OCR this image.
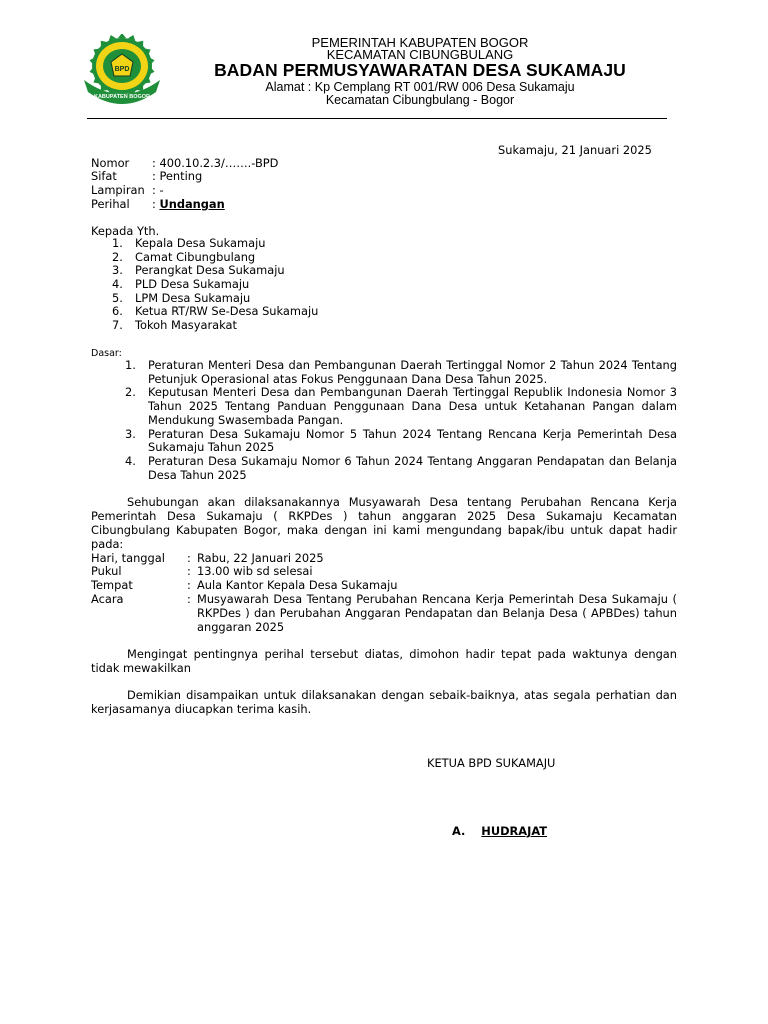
BPD
KABUPATEN BOGOR
PEMERINTAH KABUPATEN BOGOR
KECAMATAN CIBUNGBULANG
BADAN PERMUSYAWARATAN DESA SUKAMAJU
Alamat : Kp Cemplang RT 001/RW 006 Desa Sukamaju
Kecamatan Cibungbulang - Bogor
Sukamaju, 21 Januari 2025
Nomor : 400.10.2.3/…….-BPD
Sifat	: Penting
Lampiran : -
Perihal : Undangan
Kepada Yth.
1. Kepala Desa Sukamaju
2. Camat Cibungbulang
3. Perangkat Desa Sukamaju
4. PLD Desa Sukamaju
5. LPM Desa Sukamaju
6. Ketua RT/RW Se-Desa Sukamaju
7. Tokoh Masyarakat
Dasar:
1. Peraturan Menteri Desa dan Pembangunan Daerah Tertinggal Nomor 2 Tahun 2024 Tentang Petunjuk Operasional atas Fokus Penggunaan Dana Desa Tahun 2025.
2. Keputusan Menteri Desa dan Pembangunan Daerah Tertinggal Republik Indonesia Nomor 3 Tahun 2025 Tentang Panduan Penggunaan Dana Desa untuk Ketahanan Pangan dalam Mendukung Swasembada Pangan.
3. Peraturan Desa Sukamaju Nomor 5 Tahun 2024 Tentang Rencana Kerja Pemerintah Desa Sukamaju Tahun 2025
4. Peraturan Desa Sukamaju Nomor 6 Tahun 2024 Tentang Anggaran Pendapatan dan Belanja Desa Tahun 2025

Sehubungan akan dilaksanakannya Musyawarah Desa tentang Perubahan Rencana Kerja Pemerintah Desa Sukamaju ( RKPDes ) tahun anggaran 2025 Desa Sukamaju Kecamatan Cibungbulang Kabupaten Bogor, maka dengan ini kami mengundang bapak/ibu untuk dapat hadir pada:

Hari, tanggal : Rabu, 22 Januari 2025
Pukul	: 13.00 wib sd selesai
Tempat	: Aula Kantor Kepala Desa Sukamaju
Acara	: Musyawarah Desa Tentang Perubahan Rencana Kerja Pemerintah Desa Sukamaju ( RKPDes ) dan Perubahan Anggaran Pendapatan dan Belanja Desa ( APBDes) tahun anggaran 2025

Mengingat pentingnya perihal tersebut diatas, dimohon hadir tepat pada waktunya dengan tidak mewakilkan

Demikian disampaikan untuk dilaksanakan dengan sebaik-baiknya, atas segala perhatian dan kerjasamanya diucapkan terima kasih.

KETUA BPD SUKAMAJU
A. HUDRAJAT
